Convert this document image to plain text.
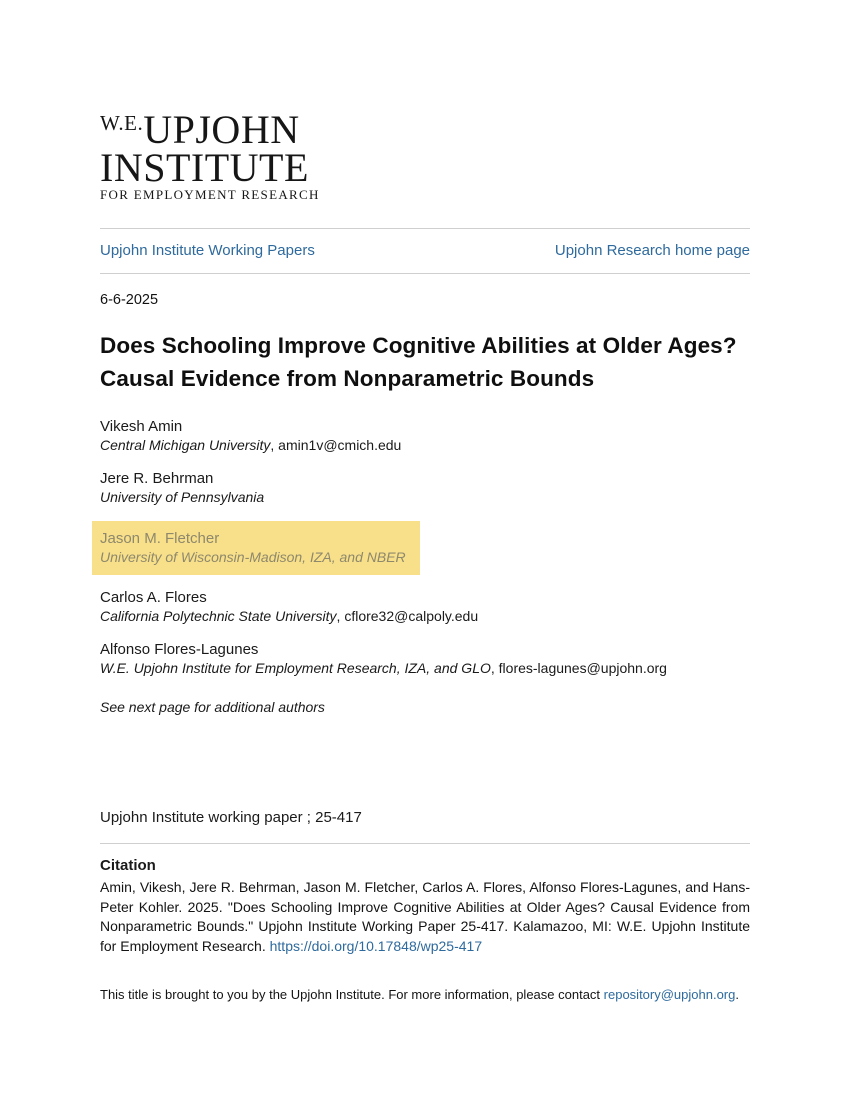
W.E. UPJOHN
INSTITUTE
FOR EMPLOYMENT RESEARCH
Upjohn Institute Working Papers	Upjohn Research home page
6-6-2025
Does Schooling Improve Cognitive Abilities at Older Ages? Causal Evidence from Nonparametric Bounds
Vikesh Amin
Central Michigan University, amin1v@cmich.edu
Jere R. Behrman
University of Pennsylvania
Jason M. Fletcher
University of Wisconsin-Madison, IZA, and NBER
Carlos A. Flores
California Polytechnic State University, cflore32@calpoly.edu
Alfonso Flores-Lagunes
W.E. Upjohn Institute for Employment Research, IZA, and GLO, flores-lagunes@upjohn.org
See next page for additional authors
Upjohn Institute working paper ; 25-417
Citation

Amin, Vikesh, Jere R. Behrman, Jason M. Fletcher, Carlos A. Flores, Alfonso Flores-Lagunes, and Hans-Peter Kohler. 2025. "Does Schooling Improve Cognitive Abilities at Older Ages? Causal Evidence from Nonparametric Bounds." Upjohn Institute Working Paper 25-417. Kalamazoo, MI: W.E. Upjohn Institute for Employment Research. https://doi.org/10.17848/wp25-417

This title is brought to you by the Upjohn Institute. For more information, please contact repository@upjohn.org.
